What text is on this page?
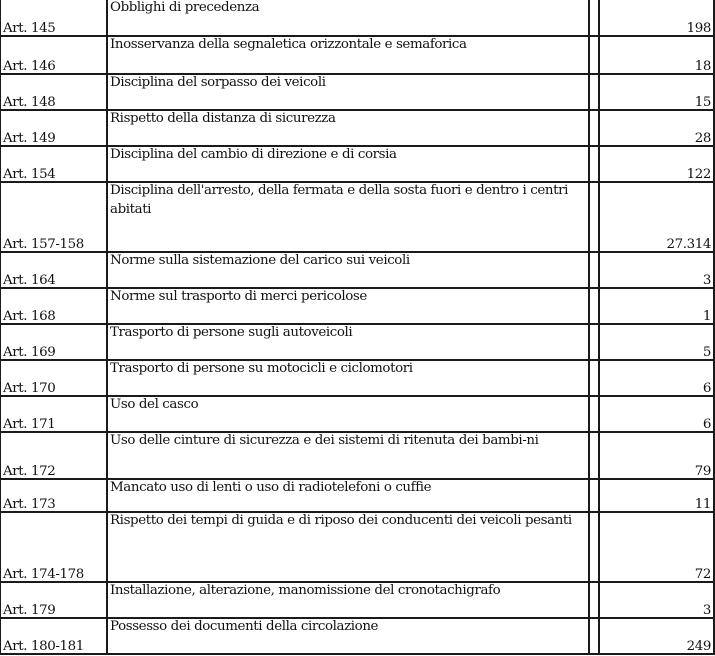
Art. 145	Obblighi di precedenza		198
Art. 146	Inosservanza della segnaletica orizzontale e semaforica		18
Art. 148	Disciplina del sorpasso dei veicoli		15
Art. 149	Rispetto della distanza di sicurezza		28
Art. 154	Disciplina del cambio di direzione e di corsia		122
Art. 157-158	Disciplina dell'arresto, della fermata e della sosta fuori e dentro i centri abitati		27.314
Art. 164	Norme sulla sistemazione del carico sui veicoli		3
Art. 168	Norme sul trasporto di merci pericolose		1
Art. 169	Trasporto di persone sugli autoveicoli		5
Art. 170	Trasporto di persone su motocicli e ciclomotori		6
Art. 171	Uso del casco		6
Art. 172	Uso delle cinture di sicurezza e dei sistemi di ritenuta dei bambi-ni		79
Art. 173	Mancato uso di lenti o uso di radiotelefoni o cuffie		11
Art. 174-178	Rispetto dei tempi di guida e di riposo dei conducenti dei veicoli pesanti		72
Art. 179	Installazione, alterazione, manomissione del cronotachigrafo		3
Art. 180-181	Possesso dei documenti della circolazione		249
